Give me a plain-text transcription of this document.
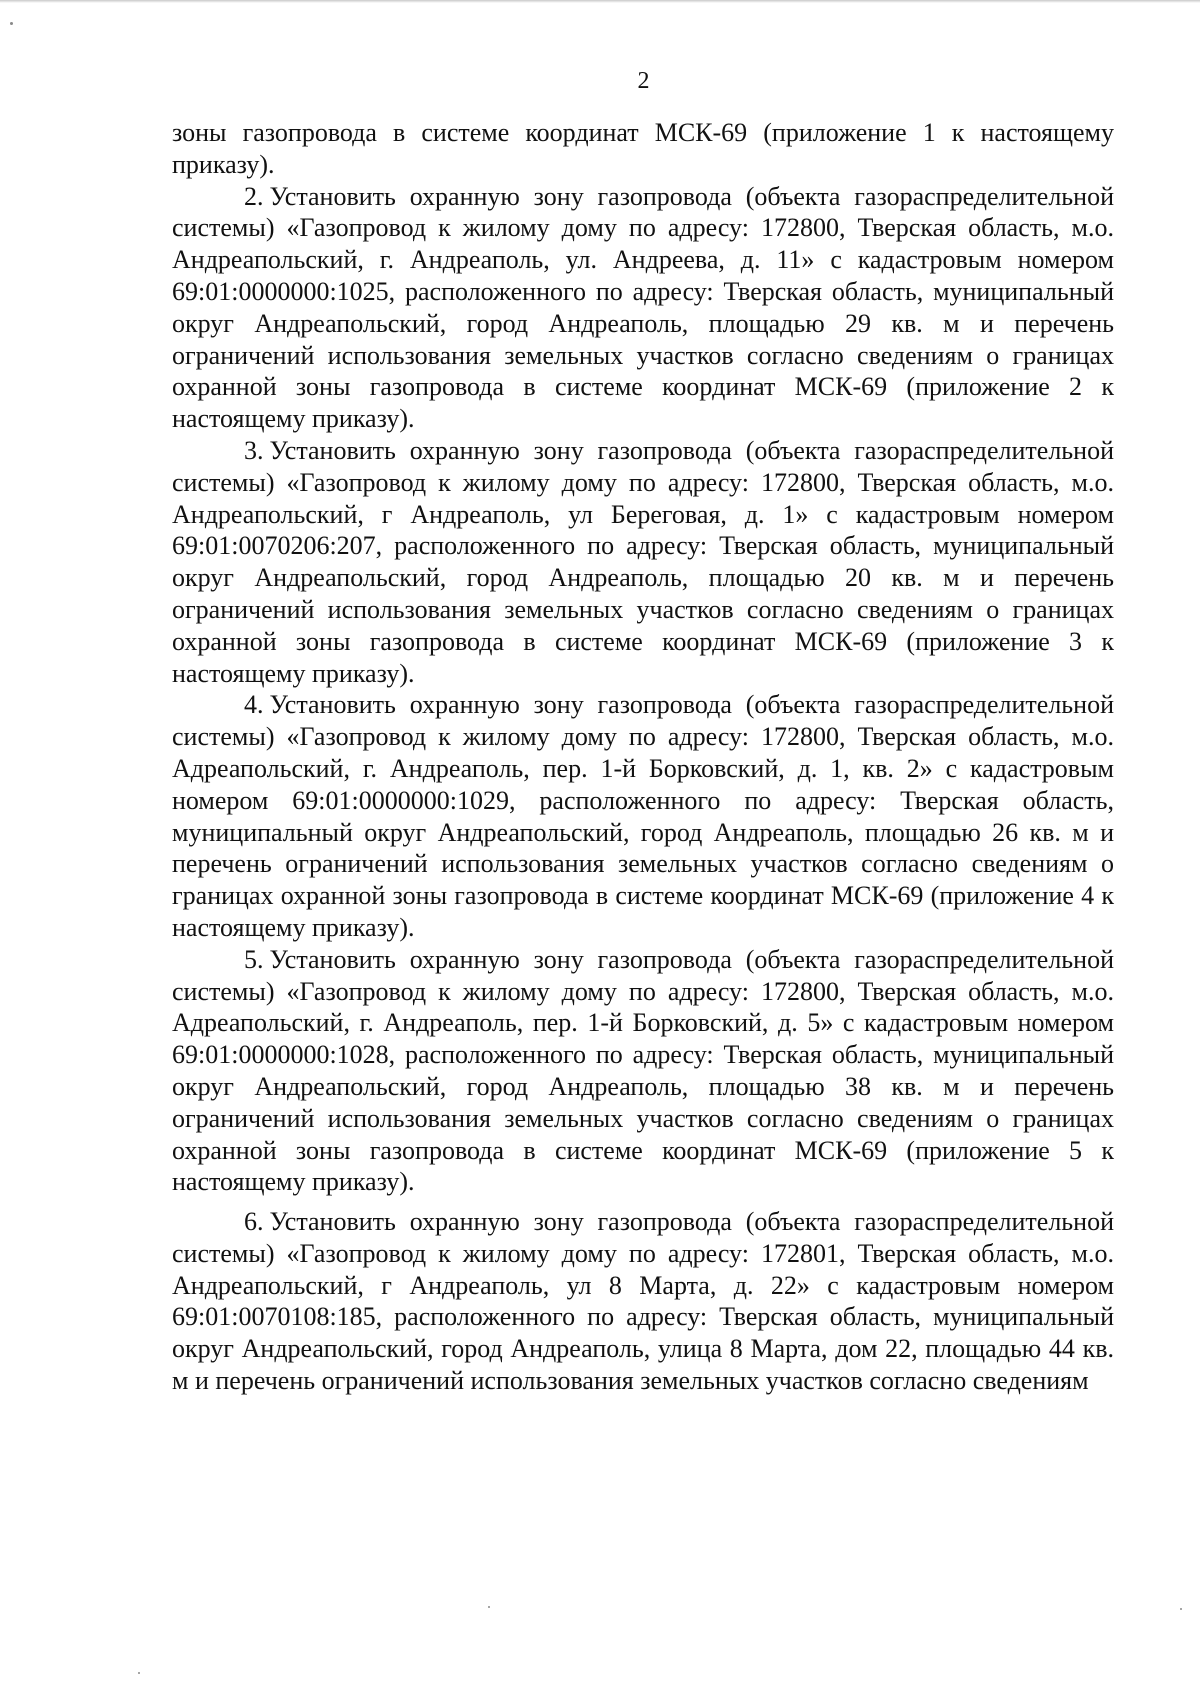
2

зоны газопровода в системе координат МСК-69 (приложение 1 к настоящему приказу).

2. Установить охранную зону газопровода (объекта газораспределительной системы) «Газопровод к жилому дому по адресу: 172800, Тверская область, м.о. Андреапольский, г. Андреаполь, ул. Андреева, д. 11» с кадастровым номером 69:01:0000000:1025, расположенного по адресу: Тверская область, муниципальный округ Андреапольский, город Андреаполь, площадью 29 кв. м и перечень ограничений использования земельных участков согласно сведениям о границах охранной зоны газопровода в системе координат МСК-69 (приложение 2 к настоящему приказу).

3. Установить охранную зону газопровода (объекта газораспределительной системы) «Газопровод к жилому дому по адресу: 172800, Тверская область, м.о. Андреапольский, г Андреаполь, ул Береговая, д. 1» с кадастровым номером 69:01:0070206:207, расположенного по адресу: Тверская область, муниципальный округ Андреапольский, город Андреаполь, площадью 20 кв. м и перечень ограничений использования земельных участков согласно сведениям о границах охранной зоны газопровода в системе координат МСК-69 (приложение 3 к настоящему приказу).

4. Установить охранную зону газопровода (объекта газораспределительной системы) «Газопровод к жилому дому по адресу: 172800, Тверская область, м.о. Адреапольский, г. Андреаполь, пер. 1-й Борковский, д. 1, кв. 2» с кадастровым номером 69:01:0000000:1029, расположенного по адресу: Тверская область, муниципальный округ Андреапольский, город Андреаполь, площадью 26 кв. м и перечень ограничений использования земельных участков согласно сведениям о границах охранной зоны газопровода в системе координат МСК-69 (приложение 4 к настоящему приказу).

5. Установить охранную зону газопровода (объекта газораспределительной системы) «Газопровод к жилому дому по адресу: 172800, Тверская область, м.о. Адреапольский, г. Андреаполь, пер. 1-й Борковский, д. 5» с кадастровым номером 69:01:0000000:1028, расположенного по адресу: Тверская область, муниципальный округ Андреапольский, город Андреаполь, площадью 38 кв. м и перечень ограничений использования земельных участков согласно сведениям о границах охранной зоны газопровода в системе координат МСК-69 (приложение 5 к настоящему приказу).

6. Установить охранную зону газопровода (объекта газораспределительной системы) «Газопровод к жилому дому по адресу: 172801, Тверская область, м.о. Андреапольский, г Андреаполь, ул 8 Марта, д. 22» с кадастровым номером 69:01:0070108:185, расположенного по адресу: Тверская область, муниципальный округ Андреапольский, город Андреаполь, улица 8 Марта, дом 22, площадью 44 кв. м и перечень ограничений использования земельных участков согласно сведениям
